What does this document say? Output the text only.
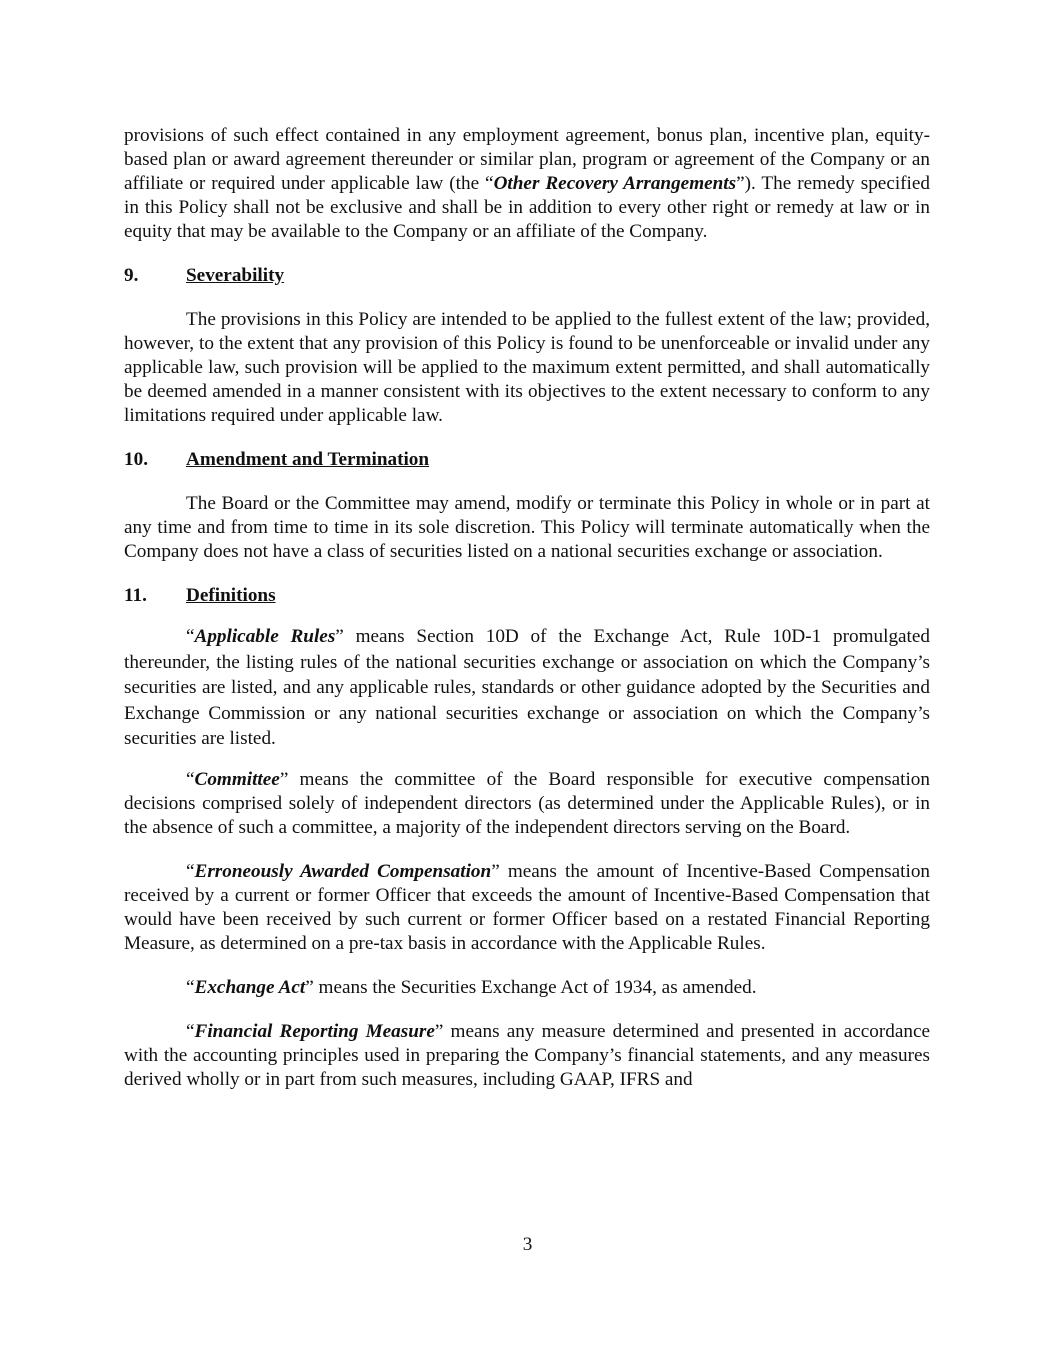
provisions of such effect contained in any employment agreement, bonus plan, incentive plan, equity-based plan or award agreement thereunder or similar plan, program or agreement of the Company or an affiliate or required under applicable law (the “Other Recovery Arrangements”). The remedy specified in this Policy shall not be exclusive and shall be in addition to every other right or remedy at law or in equity that may be available to the Company or an affiliate of the Company.

9.	Severability

The provisions in this Policy are intended to be applied to the fullest extent of the law; provided, however, to the extent that any provision of this Policy is found to be unenforceable or invalid under any applicable law, such provision will be applied to the maximum extent permitted, and shall automatically be deemed amended in a manner consistent with its objectives to the extent necessary to conform to any limitations required under applicable law.

10.	Amendment and Termination

The Board or the Committee may amend, modify or terminate this Policy in whole or in part at any time and from time to time in its sole discretion. This Policy will terminate automatically when the Company does not have a class of securities listed on a national securities exchange or association.

11.	Definitions

“Applicable Rules” means Section 10D of the Exchange Act, Rule 10D-1 promulgated thereunder, the listing rules of the national securities exchange or association on which the Company’s securities are listed, and any applicable rules, standards or other guidance adopted by the Securities and Exchange Commission or any national securities exchange or association on which the Company’s securities are listed.

“Committee” means the committee of the Board responsible for executive compensation decisions comprised solely of independent directors (as determined under the Applicable Rules), or in the absence of such a committee, a majority of the independent directors serving on the Board.

“Erroneously Awarded Compensation” means the amount of Incentive-Based Compensation received by a current or former Officer that exceeds the amount of Incentive-Based Compensation that would have been received by such current or former Officer based on a restated Financial Reporting Measure, as determined on a pre-tax basis in accordance with the Applicable Rules.

“Exchange Act” means the Securities Exchange Act of 1934, as amended.

“Financial Reporting Measure” means any measure determined and presented in accordance with the accounting principles used in preparing the Company’s financial statements, and any measures derived wholly or in part from such measures, including GAAP, IFRS and

3
